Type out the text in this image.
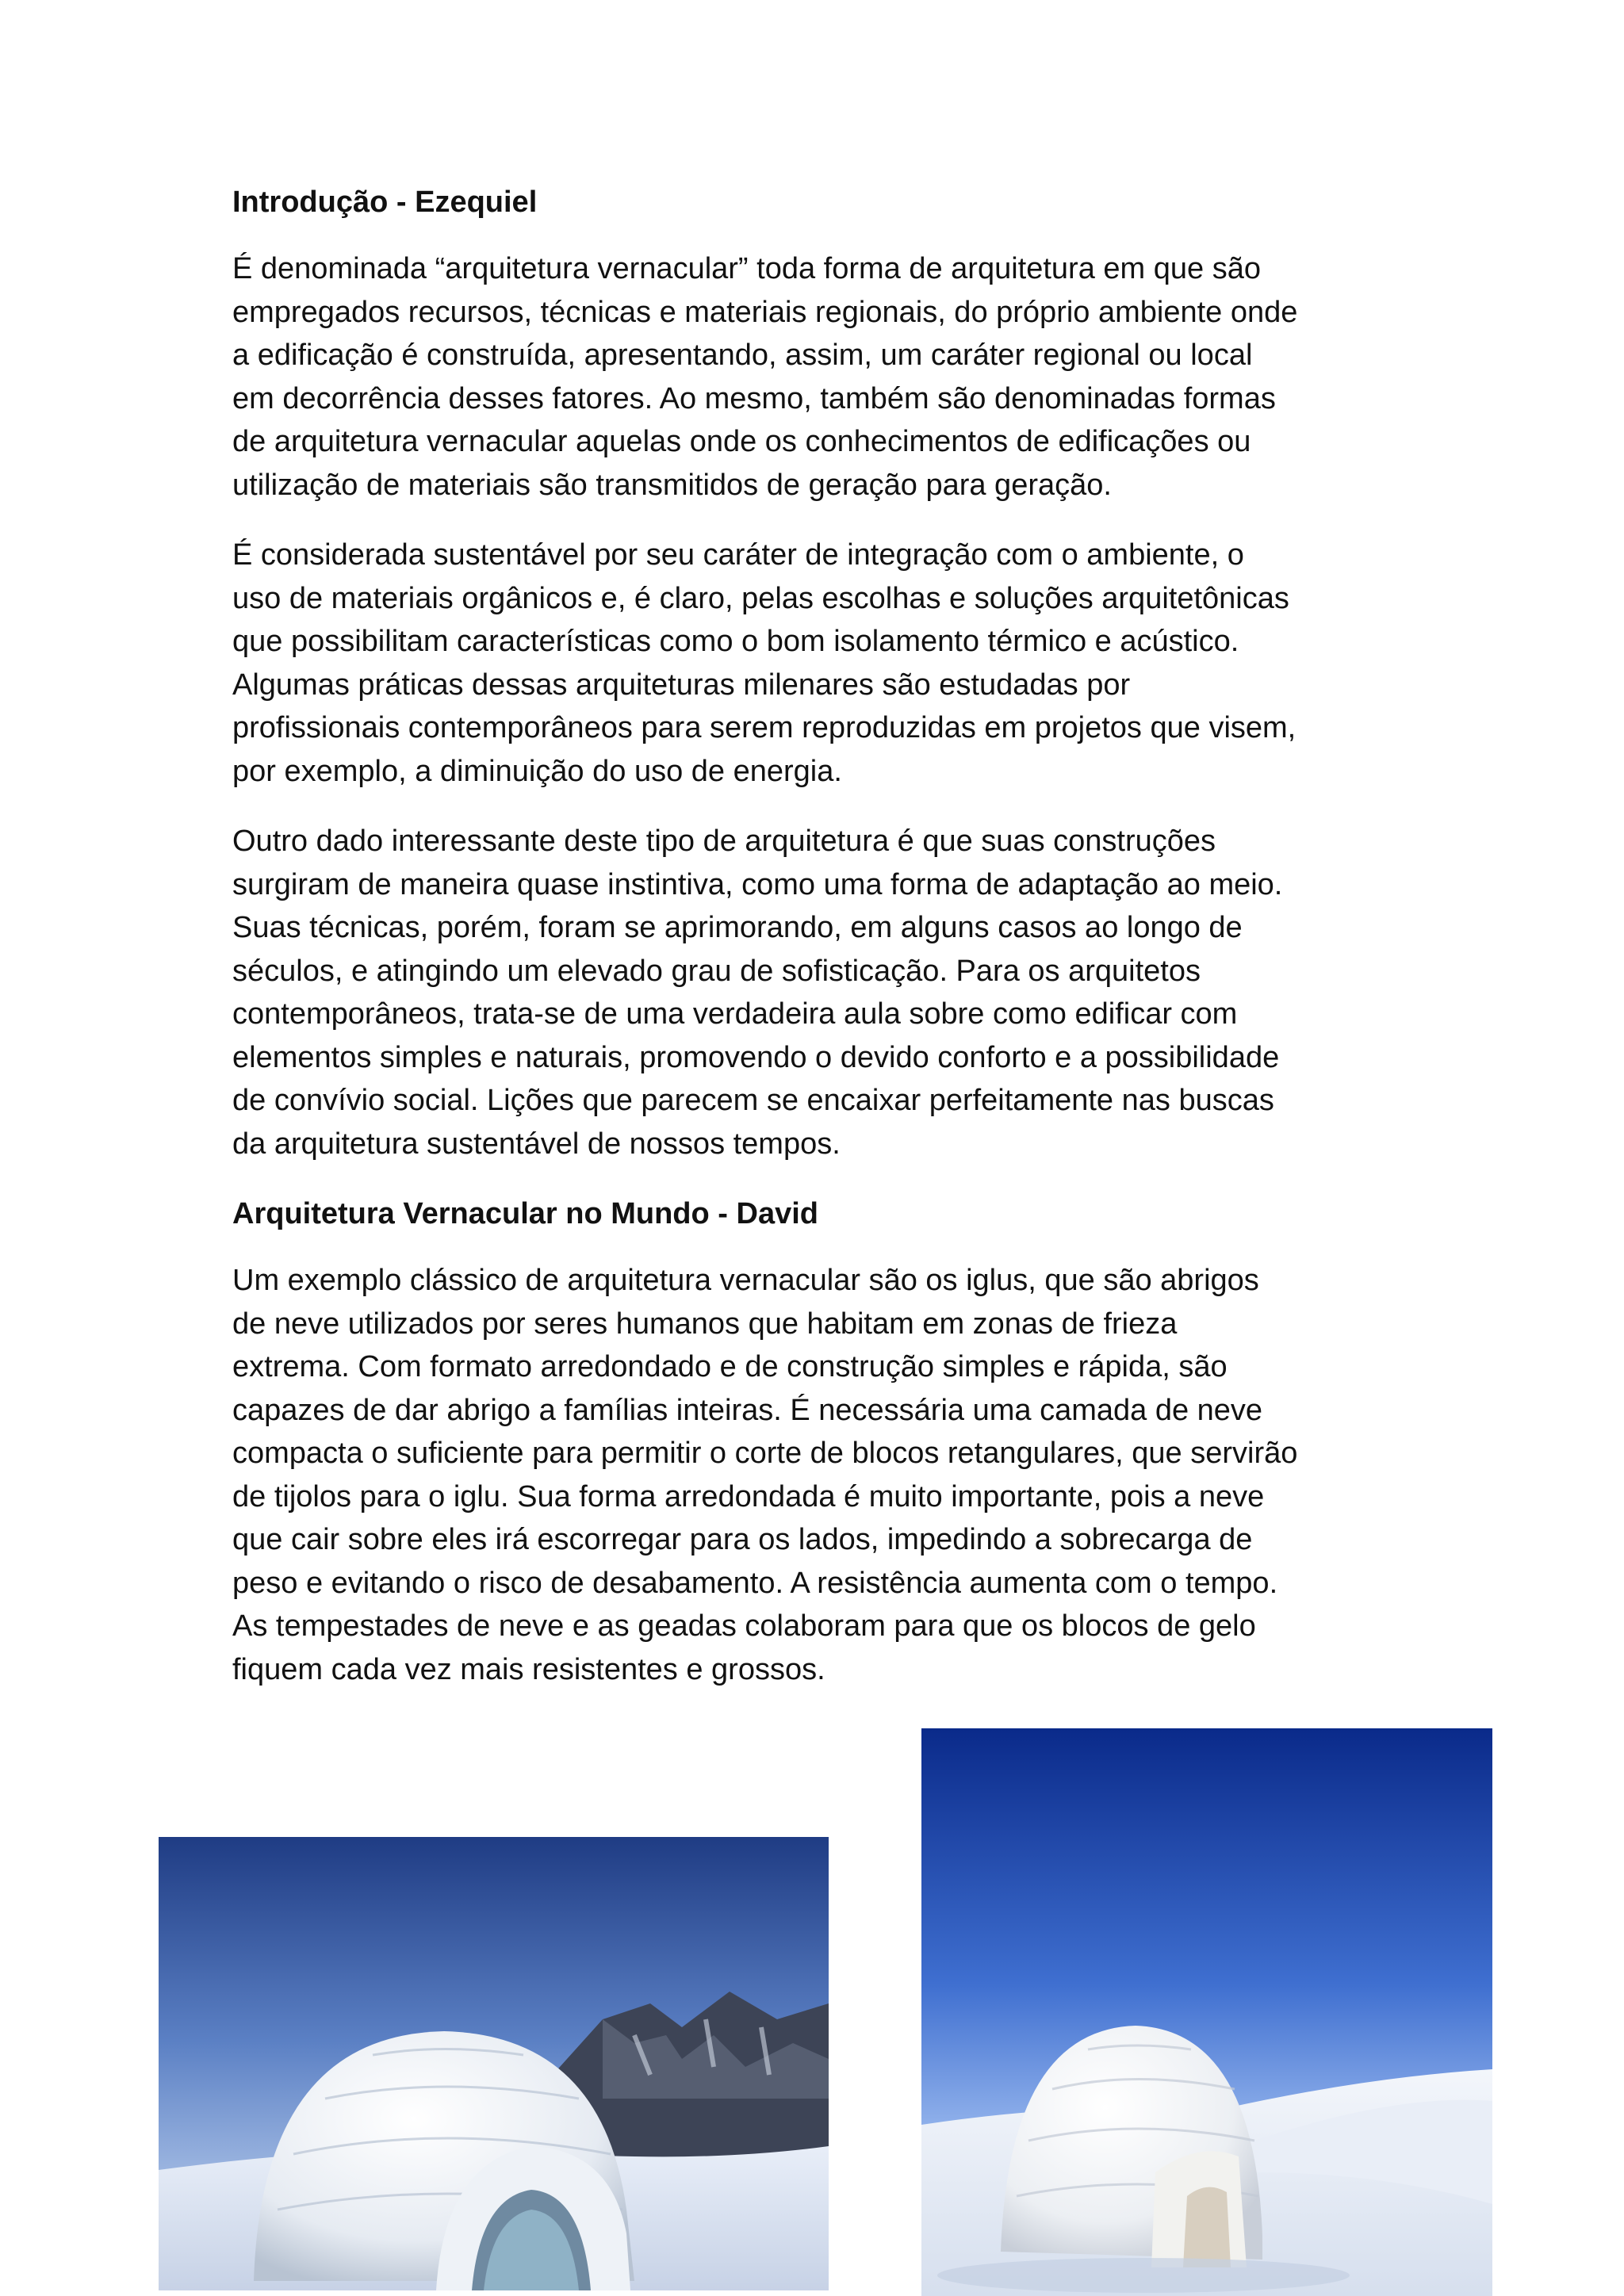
Introdução - Ezequiel
É denominada “arquitetura vernacular” toda forma de arquitetura em que são
empregados recursos, técnicas e materiais regionais, do próprio ambiente onde
a edificação é construída, apresentando, assim, um caráter regional ou local
em decorrência desses fatores. Ao mesmo, também são denominadas formas
de arquitetura vernacular aquelas onde os conhecimentos de edificações ou
utilização de materiais são transmitidos de geração para geração.
É considerada sustentável por seu caráter de integração com o ambiente, o
uso de materiais orgânicos e, é claro, pelas escolhas e soluções arquitetônicas
que possibilitam características como o bom isolamento térmico e acústico.
Algumas práticas dessas arquiteturas milenares são estudadas por
profissionais contemporâneos para serem reproduzidas em projetos que visem,
por exemplo, a diminuição do uso de energia.
Outro dado interessante deste tipo de arquitetura é que suas construções
surgiram de maneira quase instintiva, como uma forma de adaptação ao meio.
Suas técnicas, porém, foram se aprimorando, em alguns casos ao longo de
séculos, e atingindo um elevado grau de sofisticação. Para os arquitetos
contemporâneos, trata-se de uma verdadeira aula sobre como edificar com
elementos simples e naturais, promovendo o devido conforto e a possibilidade
de convívio social. Lições que parecem se encaixar perfeitamente nas buscas
da arquitetura sustentável de nossos tempos.
Arquitetura Vernacular no Mundo - David
Um exemplo clássico de arquitetura vernacular são os iglus, que são abrigos
de neve utilizados por seres humanos que habitam em zonas de frieza
extrema. Com formato arredondado e de construção simples e rápida, são
capazes de dar abrigo a famílias inteiras. É necessária uma camada de neve
compacta o suficiente para permitir o corte de blocos retangulares, que servirão
de tijolos para o iglu. Sua forma arredondada é muito importante, pois a neve
que cair sobre eles irá escorregar para os lados, impedindo a sobrecarga de
peso e evitando o risco de desabamento. A resistência aumenta com o tempo.
As tempestades de neve e as geadas colaboram para que os blocos de gelo
fiquem cada vez mais resistentes e grossos.
